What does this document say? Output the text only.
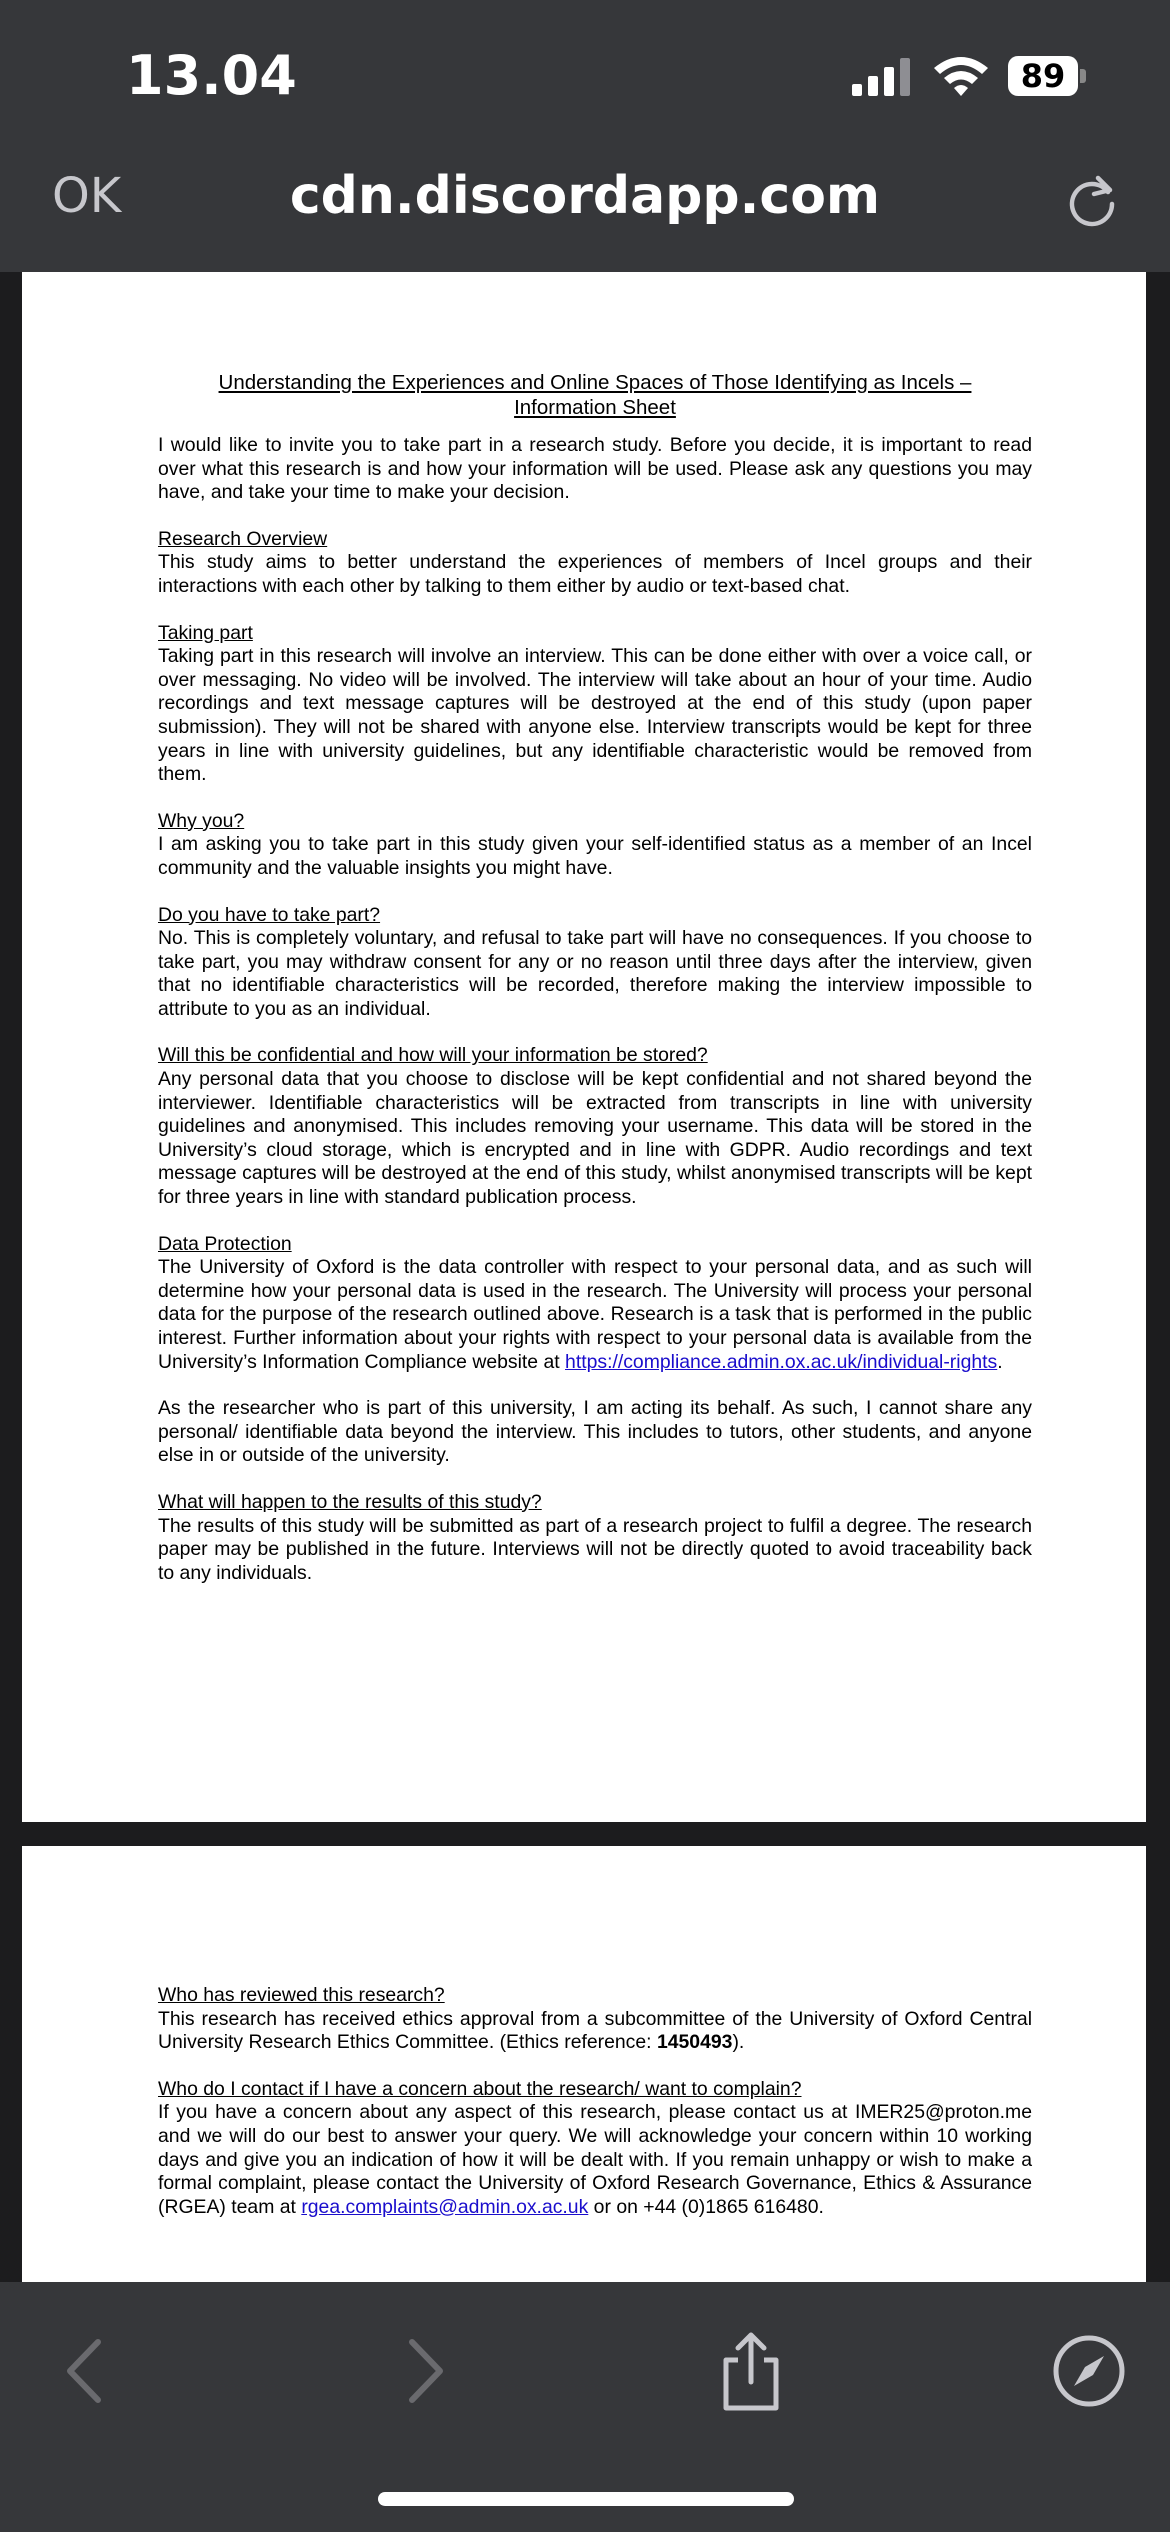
13.04	89
OK	cdn.discordapp.com
Understanding the Experiences and Online Spaces of Those Identifying as Incels –
Information Sheet
I would like to invite you to take part in a research study. Before you decide, it is important to read over what this research is and how your information will be used. Please ask any questions you may have, and take your time to make your decision.
Research Overview
This study aims to better understand the experiences of members of Incel groups and their interactions with each other by talking to them either by audio or text-based chat.
Taking part
Taking part in this research will involve an interview. This can be done either with over a voice call, or over messaging. No video will be involved. The interview will take about an hour of your time. Audio recordings and text message captures will be destroyed at the end of this study (upon paper submission). They will not be shared with anyone else. Interview transcripts would be kept for three years in line with university guidelines, but any identifiable characteristic would be removed from them.
Why you?
I am asking you to take part in this study given your self-identified status as a member of an Incel community and the valuable insights you might have.
Do you have to take part?
No. This is completely voluntary, and refusal to take part will have no consequences. If you choose to take part, you may withdraw consent for any or no reason until three days after the interview, given that no identifiable characteristics will be recorded, therefore making the interview impossible to attribute to you as an individual.
Will this be confidential and how will your information be stored?
Any personal data that you choose to disclose will be kept confidential and not shared beyond the interviewer. Identifiable characteristics will be extracted from transcripts in line with university guidelines and anonymised. This includes removing your username. This data will be stored in the University’s cloud storage, which is encrypted and in line with GDPR. Audio recordings and text message captures will be destroyed at the end of this study, whilst anonymised transcripts will be kept for three years in line with standard publication process.
Data Protection
The University of Oxford is the data controller with respect to your personal data, and as such will determine how your personal data is used in the research. The University will process your personal data for the purpose of the research outlined above. Research is a task that is performed in the public interest. Further information about your rights with respect to your personal data is available from the University’s Information Compliance website at https://compliance.admin.ox.ac.uk/individual-rights.
As the researcher who is part of this university, I am acting its behalf. As such, I cannot share any personal/ identifiable data beyond the interview. This includes to tutors, other students, and anyone else in or outside of the university.
What will happen to the results of this study?
The results of this study will be submitted as part of a research project to fulfil a degree. The research paper may be published in the future. Interviews will not be directly quoted to avoid traceability back to any individuals.
Who has reviewed this research?
This research has received ethics approval from a subcommittee of the University of Oxford Central University Research Ethics Committee. (Ethics reference: 1450493).
Who do I contact if I have a concern about the research/ want to complain?
If you have a concern about any aspect of this research, please contact us at IMER25@proton.me and we will do our best to answer your query. We will acknowledge your concern within 10 working days and give you an indication of how it will be dealt with. If you remain unhappy or wish to make a formal complaint, please contact the University of Oxford Research Governance, Ethics & Assurance (RGEA) team at rgea.complaints@admin.ox.ac.uk or on +44 (0)1865 616480.
